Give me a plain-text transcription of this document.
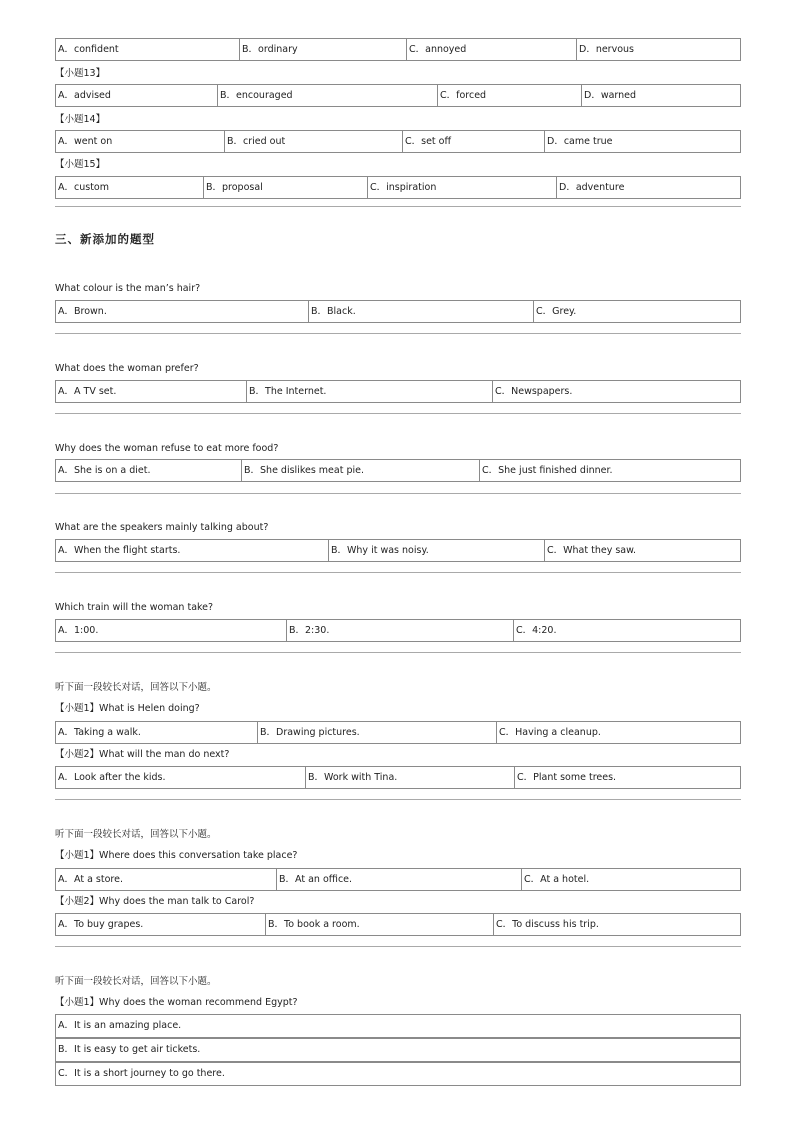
A．confident	B．ordinary	C．annoyed	D．nervous
【小题13】
A．advised	B．encouraged	C．forced	D．warned
【小题14】
A．went on	B．cried out	C．set off	D．came true
【小题15】
A．custom	B．proposal	C．inspiration	D．adventure
三、新添加的题型
What colour is the man’s hair?
A．Brown.	B．Black.	C．Grey.
What does the woman prefer?
A．A TV set.	B．The Internet.	C．Newspapers.
Why does the woman refuse to eat more food?
A．She is on a diet.	B．She dislikes meat pie.	C．She just finished dinner.
What are the speakers mainly talking about?
A．When the flight starts.	B．Why it was noisy.	C．What they saw.
Which train will the woman take?
A．1:00.	B．2:30.	C．4:20.
听下面一段较长对话，回答以下小题。
【小题1】What is Helen doing?
A．Taking a walk.	B．Drawing pictures.	C．Having a cleanup.
【小题2】What will the man do next?
A．Look after the kids.	B．Work with Tina.	C．Plant some trees.
听下面一段较长对话，回答以下小题。
【小题1】Where does this conversation take place?
A．At a store.	B．At an office.	C．At a hotel.
【小题2】Why does the man talk to Carol?
A．To buy grapes.	B．To book a room.	C．To discuss his trip.
听下面一段较长对话，回答以下小题。
【小题1】Why does the woman recommend Egypt?
A．It is an amazing place.
B．It is easy to get air tickets.
C．It is a short journey to go there.
